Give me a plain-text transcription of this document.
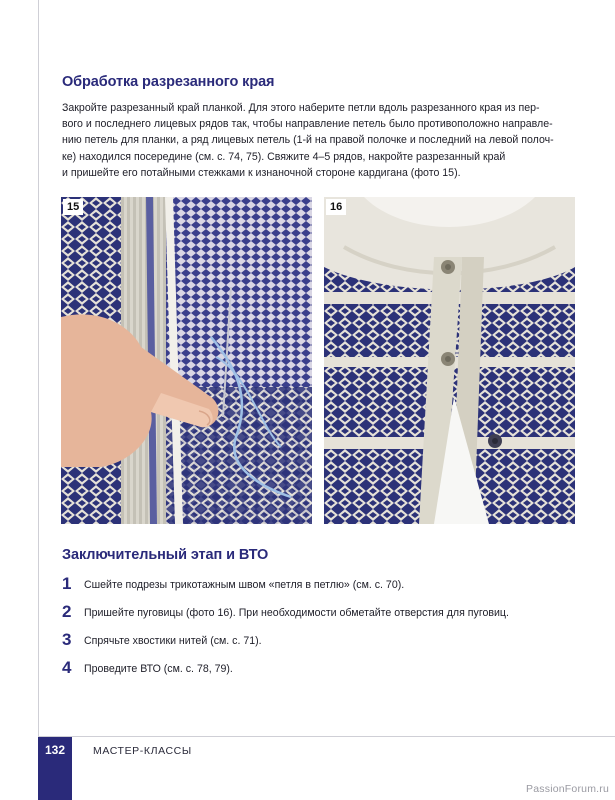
Обработка разрезанного края
Закройте разрезанный край планкой. Для этого наберите петли вдоль разрезанного края из пер-
вого и последнего лицевых рядов так, чтобы направление петель было противоположно направле-
нию петель для планки, а ряд лицевых петель (1-й на правой полочке и последний на левой полоч-
ке) находился посередине (см. с. 74, 75). Свяжите 4–5 рядов, накройте разрезанный край
и пришейте его потайными стежками к изнаночной стороне кардигана (фото 15).
15	16
Заключительный этап и ВТО
1 Сшейте подрезы трикотажным швом «петля в петлю» (см. с. 70).
2 Пришейте пуговицы (фото 16). При необходимости обметайте отверстия для пуговиц.
3 Спрячьте хвостики нитей (см. с. 71).
4 Проведите ВТО (см. с. 78, 79).
132	МАСТЕР-КЛАССЫ
PassionForum.ru
